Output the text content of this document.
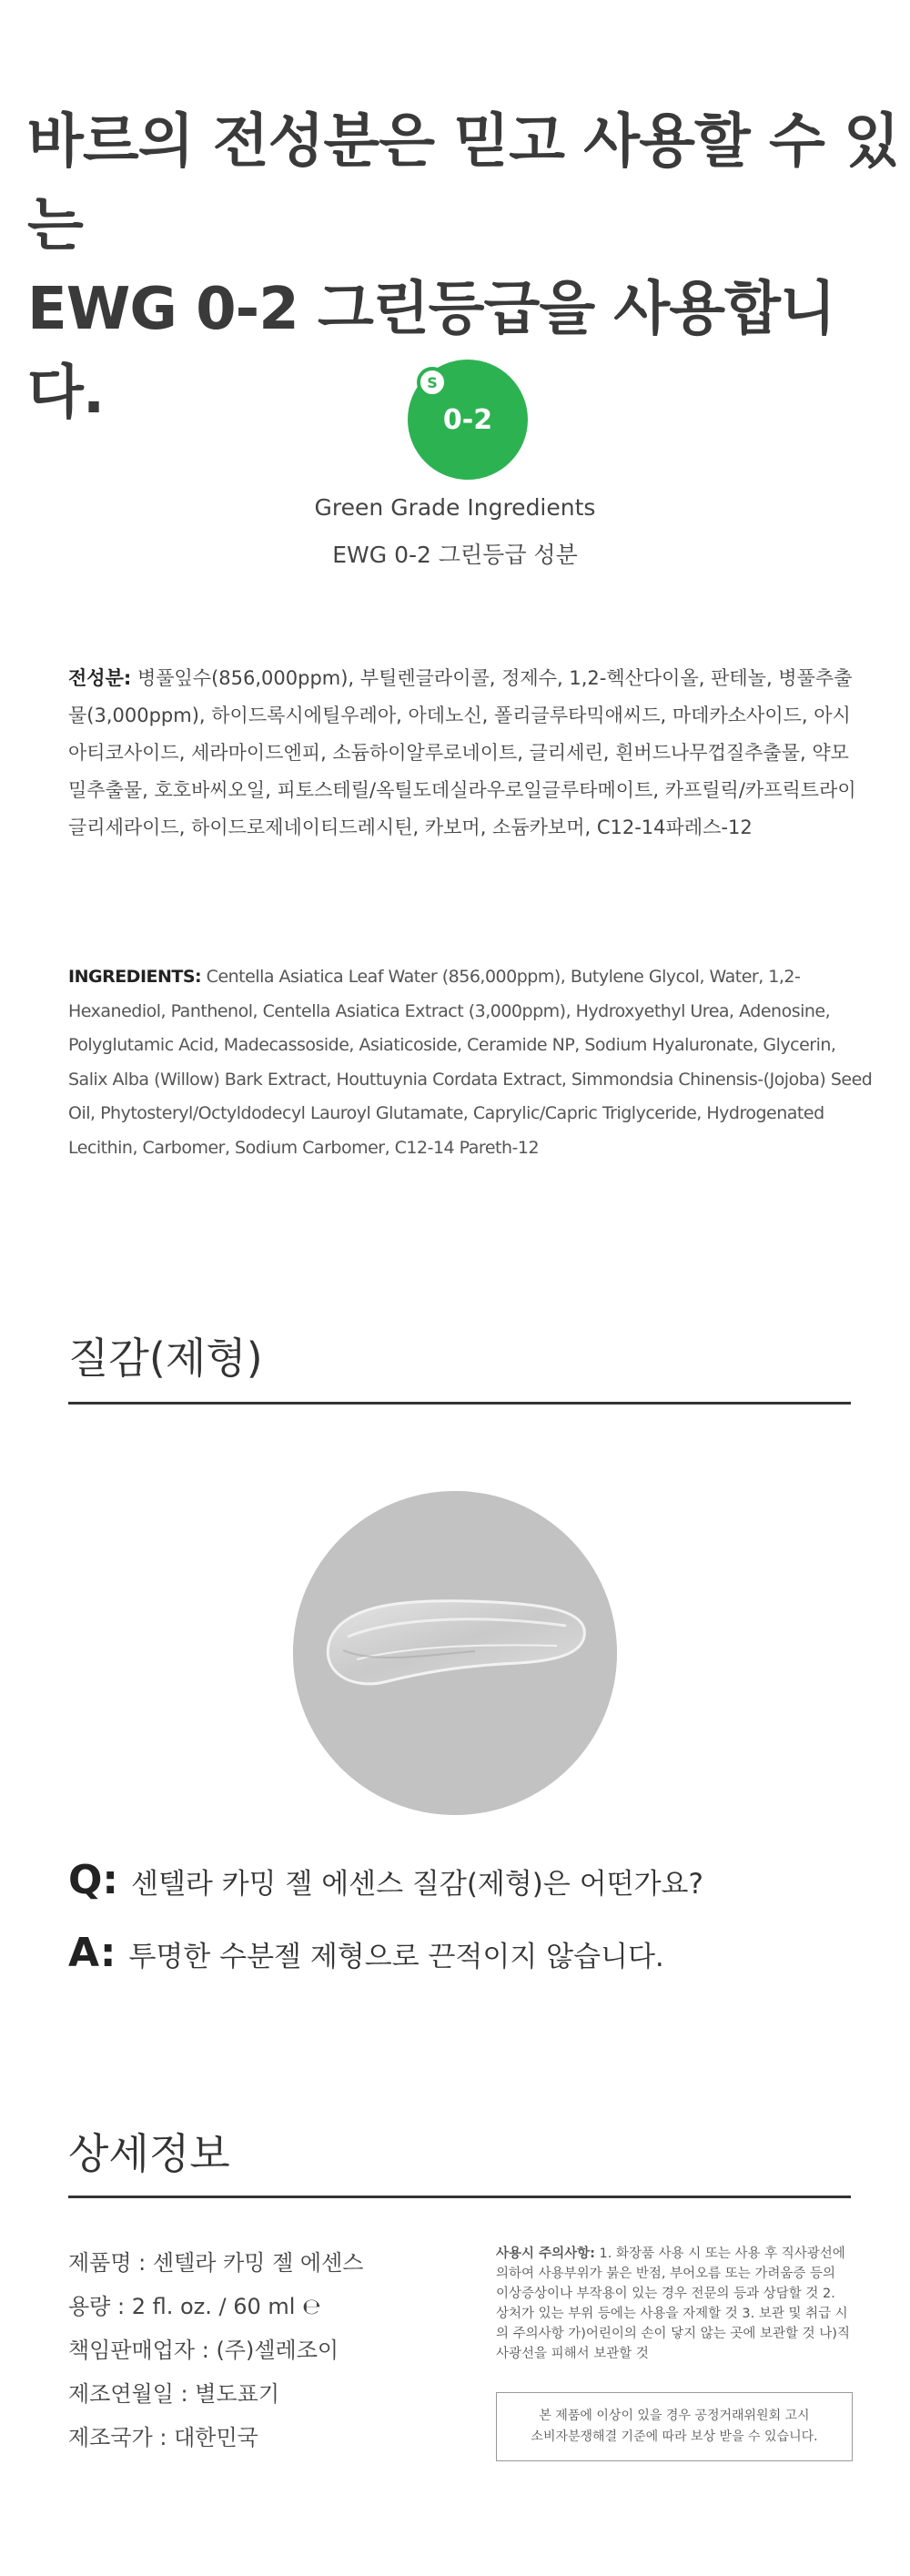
바르의 전성분은 믿고 사용할 수 있는
EWG 0-2 그린등급을 사용합니다.	S
0-2
Green Grade Ingredients
EWG 0-2 그린등급 성분
전성분: 병풀잎수(856,000ppm), 부틸렌글라이콜, 정제수, 1,2-헥산다이올, 판테놀, 병풀추출물(3,000ppm), 하이드록시에틸우레아, 아데노신, 폴리글루타믹애씨드, 마데카소사이드, 아시아티코사이드, 세라마이드엔피, 소듐하이알루로네이트, 글리세린, 흰버드나무껍질추출물, 약모밀추출물, 호호바씨오일, 피토스테릴/옥틸도데실라우로일글루타메이트, 카프릴릭/카프릭트라이글리세라이드, 하이드로제네이티드레시틴, 카보머, 소듐카보머, C12-14파레스-12
INGREDIENTS: Centella Asiatica Leaf Water (856,000ppm), Butylene Glycol, Water, 1,2-Hexanediol, Panthenol, Centella Asiatica Extract (3,000ppm), Hydroxyethyl Urea, Adenosine, Polyglutamic Acid, Madecassoside, Asiaticoside, Ceramide NP, Sodium Hyaluronate, Glycerin, Salix Alba (Willow) Bark Extract, Houttuynia Cordata Extract, Simmondsia Chinensis-(Jojoba) Seed Oil, Phytosteryl/Octyldodecyl Lauroyl Glutamate, Caprylic/Capric Triglyceride, Hydrogenated Lecithin, Carbomer, Sodium Carbomer, C12-14 Pareth-12
질감(제형)
Q: 센텔라 카밍 젤 에센스 질감(제형)은 어떤가요?
A: 투명한 수분젤 제형으로 끈적이지 않습니다.
상세정보
제품명 : 센텔라 카밍 젤 에센스
용량 : 2 fl. oz. / 60 ml ℮
책임판매업자 : (주)셀레조이
제조연월일 : 별도표기
제조국가 : 대한민국
사용시 주의사항: 1. 화장품 사용 시 또는 사용 후 직사광선에 의하여 사용부위가 붉은 반점, 부어오름 또는 가려움증 등의 이상증상이나 부작용이 있는 경우 전문의 등과 상담할 것 2. 상처가 있는 부위 등에는 사용을 자제할 것 3. 보관 및 취급 시의 주의사항 가)어린이의 손이 닿지 않는 곳에 보관할 것 나)직사광선을 피해서 보관할 것
본 제품에 이상이 있을 경우 공정거래위원회 고시
소비자분쟁해결 기준에 따라 보상 받을 수 있습니다.
